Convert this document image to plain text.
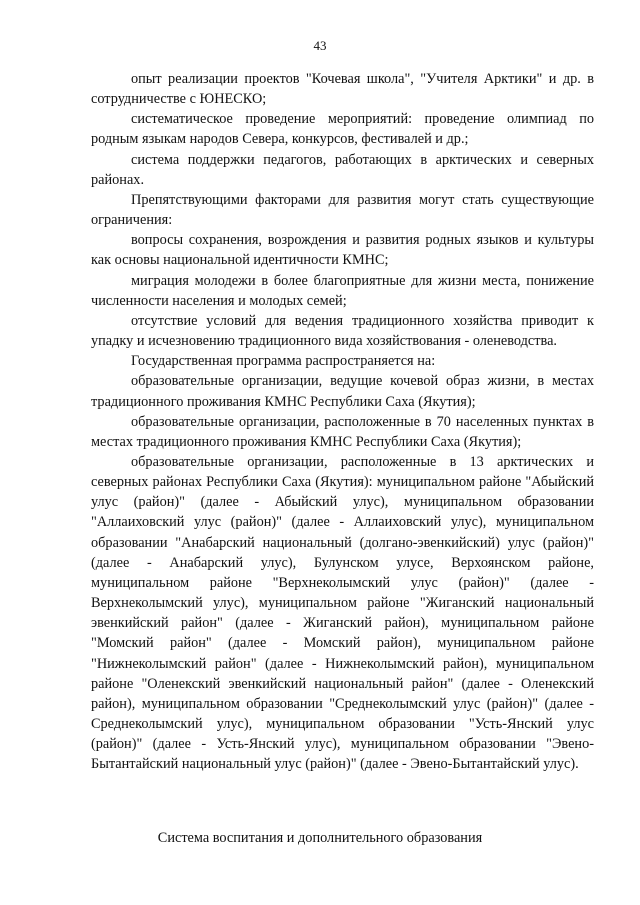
43

опыт реализации проектов "Кочевая школа", "Учителя Арктики" и др. в сотрудничестве с ЮНЕСКО;

систематическое проведение мероприятий: проведение олимпиад по родным языкам народов Севера, конкурсов, фестивалей и др.;

система поддержки педагогов, работающих в арктических и северных районах.

Препятствующими факторами для развития могут стать существующие ограничения:

вопросы сохранения, возрождения и развития родных языков и культуры как основы национальной идентичности КМНС;

миграция молодежи в более благоприятные для жизни места, понижение численности населения и молодых семей;

отсутствие условий для ведения традиционного хозяйства приводит к упадку и исчезновению традиционного вида хозяйствования - оленеводства.

Государственная программа распространяется на:

образовательные организации, ведущие кочевой образ жизни, в местах традиционного проживания КМНС Республики Саха (Якутия);

образовательные организации, расположенные в 70 населенных пунктах в местах традиционного проживания КМНС Республики Саха (Якутия);

образовательные организации, расположенные в 13 арктических и северных районах Республики Саха (Якутия): муниципальном районе "Абыйский улус (район)" (далее - Абыйский улус), муниципальном образовании "Аллаиховский улус (район)" (далее - Аллаиховский улус), муниципальном образовании "Анабарский национальный (долгано-эвенкийский) улус (район)" (далее - Анабарский улус), Булунском улусе, Верхоянском районе, муниципальном районе "Верхнеколымский улус (район)" (далее - Верхнеколымский улус), муниципальном районе "Жиганский национальный эвенкийский район" (далее - Жиганский район), муниципальном районе "Момский район" (далее - Момский район), муниципальном районе "Нижнеколымский район" (далее - Нижнеколымский район), муниципальном районе "Оленекский эвенкийский национальный район" (далее - Оленекский район), муниципальном образовании "Среднеколымский улус (район)" (далее - Среднеколымский улус), муниципальном образовании "Усть-Янский улус (район)" (далее - Усть-Янский улус), муниципальном образовании "Эвено-Бытантайский национальный улус (район)" (далее - Эвено-Бытантайский улус).

Система воспитания и дополнительного образования
